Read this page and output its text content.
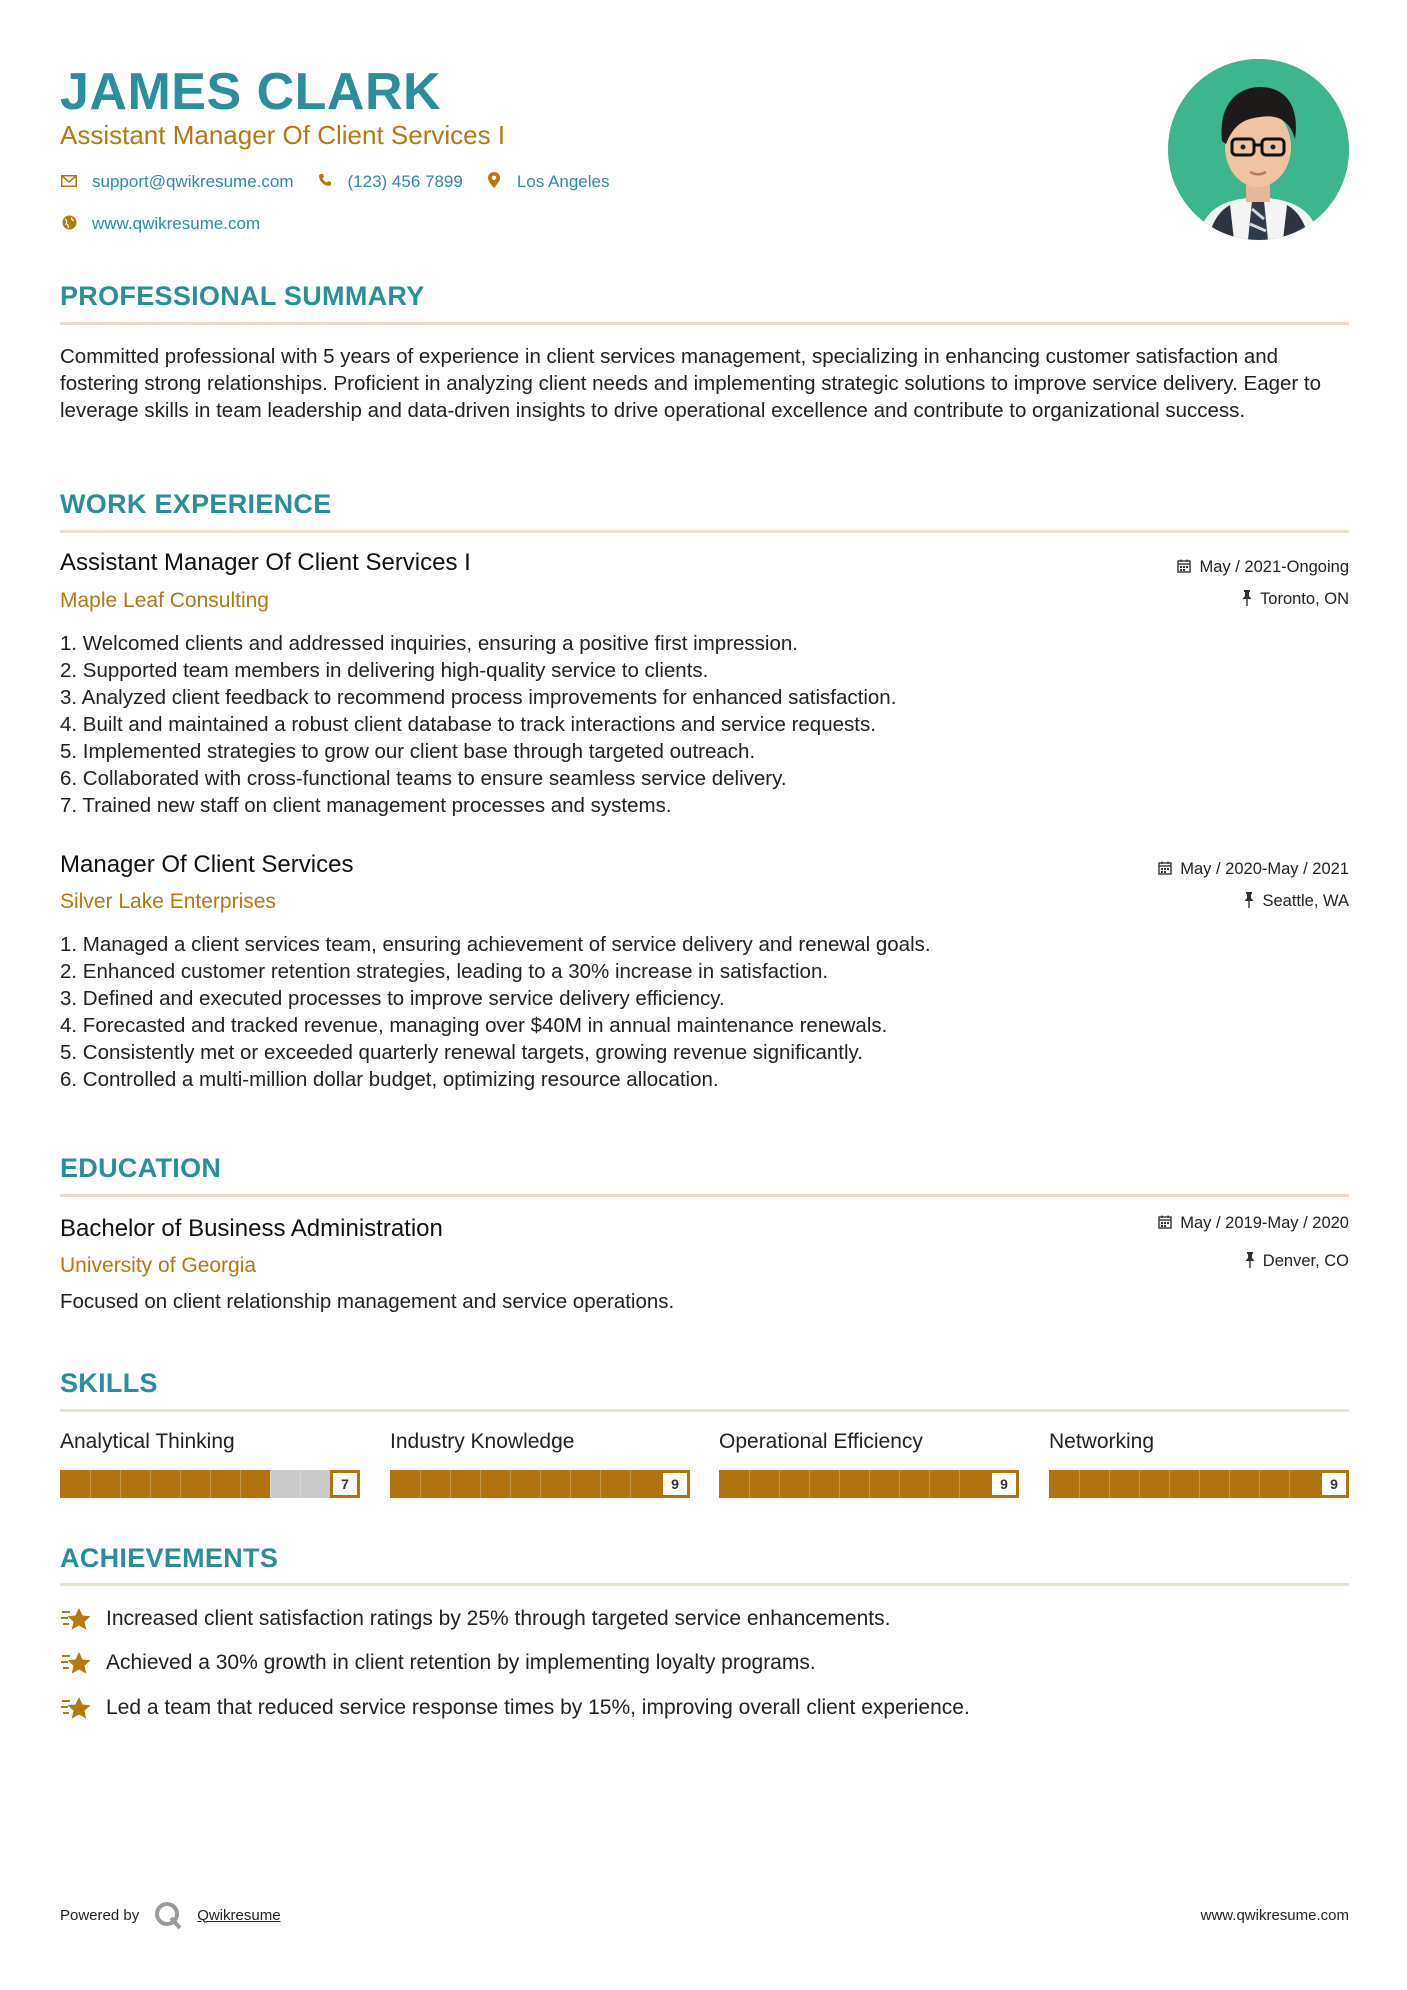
JAMES CLARK
Assistant Manager Of Client Services I
support@qwikresume.com	(123) 456 7899	Los Angeles
www.qwikresume.com
PROFESSIONAL SUMMARY
Committed professional with 5 years of experience in client services management, specializing in enhancing customer satisfaction and fostering strong relationships. Proficient in analyzing client needs and implementing strategic solutions to improve service delivery. Eager to leverage skills in team leadership and data-driven insights to drive operational excellence and contribute to organizational success.
WORK EXPERIENCE
Assistant Manager Of Client Services I
Maple Leaf Consulting
May / 2021-Ongoing
Toronto, ON
1. Welcomed clients and addressed inquiries, ensuring a positive first impression.
2. Supported team members in delivering high-quality service to clients.
3. Analyzed client feedback to recommend process improvements for enhanced satisfaction.
4. Built and maintained a robust client database to track interactions and service requests.
5. Implemented strategies to grow our client base through targeted outreach.
6. Collaborated with cross-functional teams to ensure seamless service delivery.
7. Trained new staff on client management processes and systems.
Manager Of Client Services
Silver Lake Enterprises
May / 2020-May / 2021
Seattle, WA
1. Managed a client services team, ensuring achievement of service delivery and renewal goals.
2. Enhanced customer retention strategies, leading to a 30% increase in satisfaction.
3. Defined and executed processes to improve service delivery efficiency.
4. Forecasted and tracked revenue, managing over $40M in annual maintenance renewals.
5. Consistently met or exceeded quarterly renewal targets, growing revenue significantly.
6. Controlled a multi-million dollar budget, optimizing resource allocation.
EDUCATION
Bachelor of Business Administration
University of Georgia
May / 2019-May / 2020
Denver, CO
Focused on client relationship management and service operations.
SKILLS
Analytical Thinking
7
Industry Knowledge
9
Operational Efficiency
9
Networking
9
ACHIEVEMENTS
Increased client satisfaction ratings by 25% through targeted service enhancements.
Achieved a 30% growth in client retention by implementing loyalty programs.
Led a team that reduced service response times by 15%, improving overall client experience.
Powered by	Qwikresume	www.qwikresume.com
